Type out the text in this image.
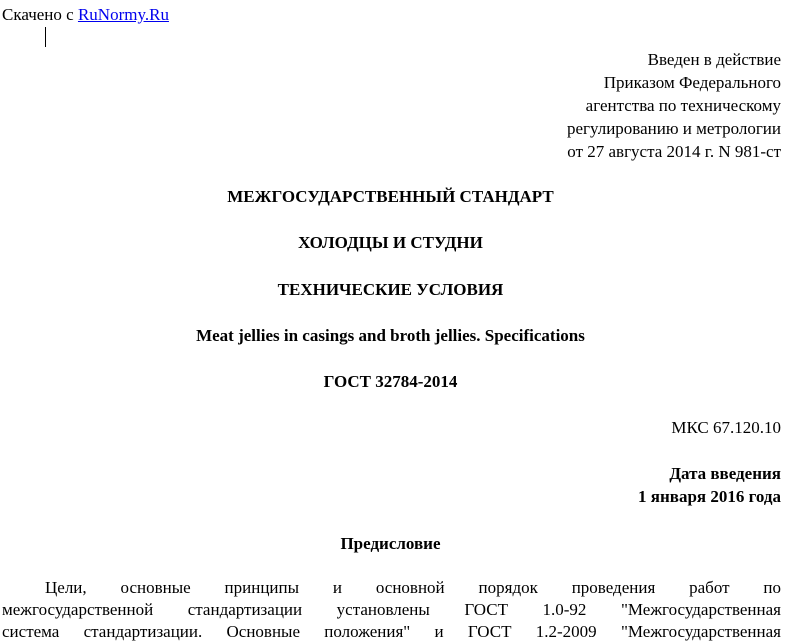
Скачено с RuNormy.Ru
Введен в действие
Приказом Федерального
агентства по техническому
регулированию и метрологии
от 27 августа 2014 г. N 981-ст
МЕЖГОСУДАРСТВЕННЫЙ СТАНДАРТ
ХОЛОДЦЫ И СТУДНИ
ТЕХНИЧЕСКИЕ УСЛОВИЯ
Meat jellies in casings and broth jellies. Specifications
ГОСТ 32784-2014
МКС 67.120.10
Дата введения
1 января 2016 года
Предисловие
Цели, основные принципы и основной порядок проведения работ по
межгосударственной стандартизации установлены ГОСТ 1.0-92 "Межгосударственная
система стандартизации. Основные положения" и ГОСТ 1.2-2009 "Межгосударственная
